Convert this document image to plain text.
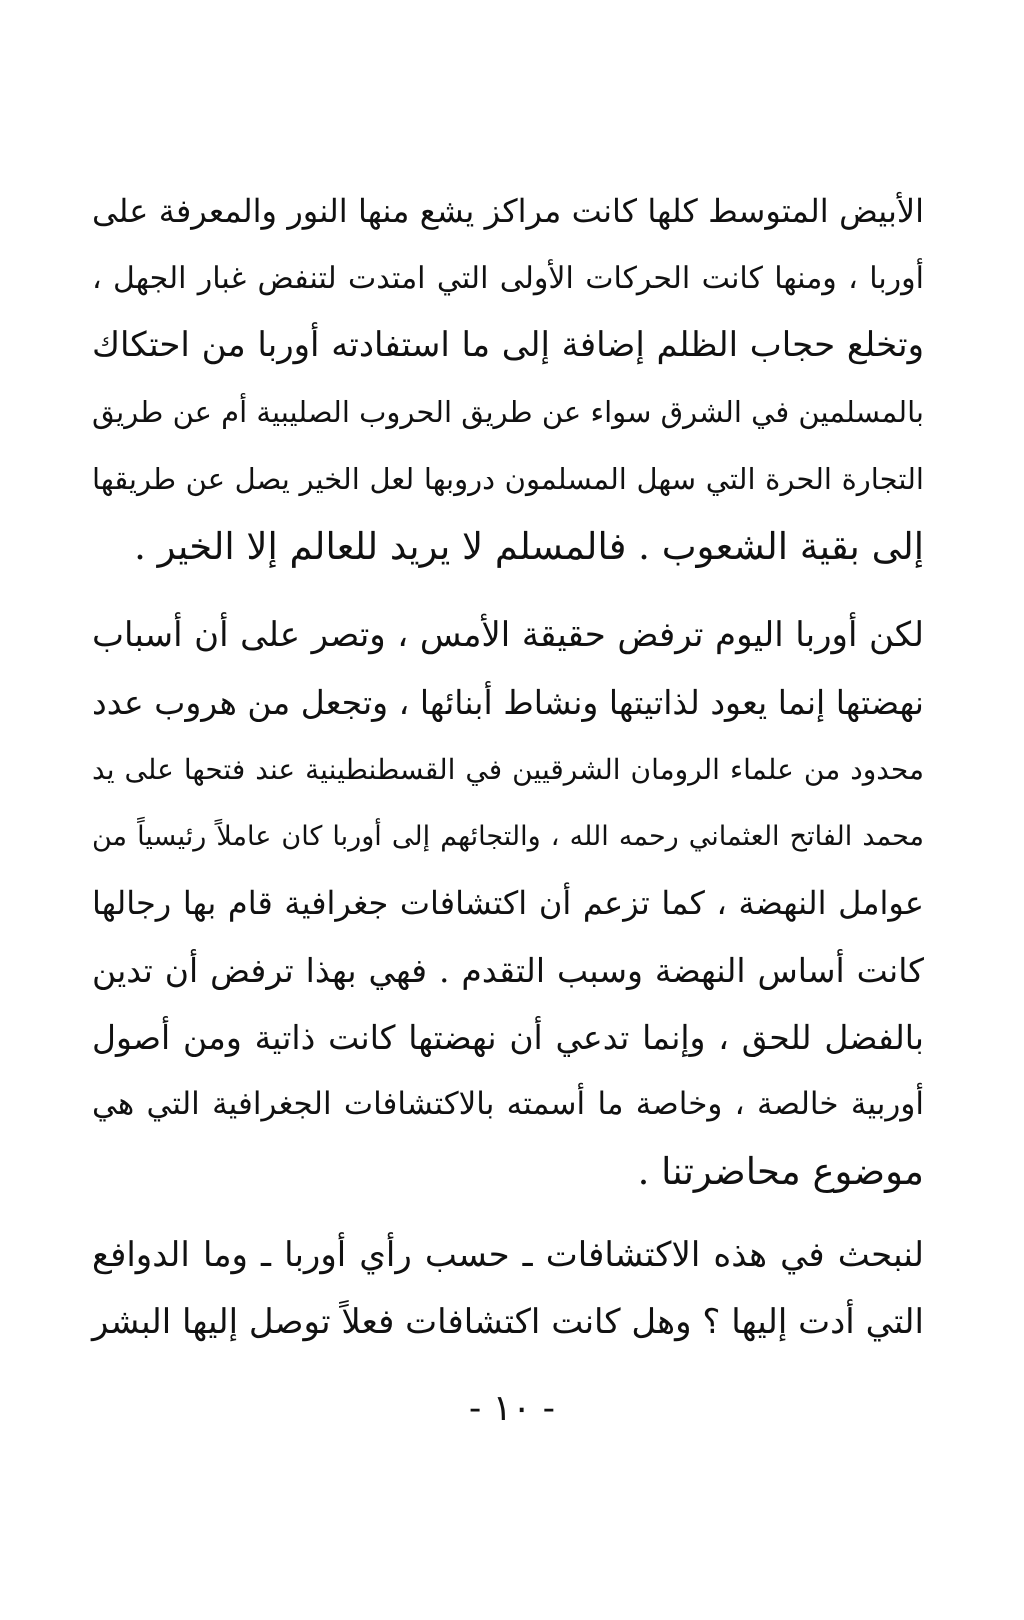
الأبيض المتوسط كلها كانت مراكز يشع منها النور والمعرفة على
أوربا ، ومنها كانت الحركات الأولى التي امتدت لتنفض غبار الجهل ،
وتخلع حجاب الظلم إضافة إلى ما استفادته أوربا من احتكاك
بالمسلمين في الشرق سواء عن طريق الحروب الصليبية أم عن طريق
التجارة الحرة التي سهل المسلمون دروبها لعل الخير يصل عن طريقها
إلى بقية الشعوب . فالمسلم لا يريد للعالم إلا الخير .
لكن أوربا اليوم ترفض حقيقة الأمس ، وتصر على أن أسباب
نهضتها إنما يعود لذاتيتها ونشاط أبنائها ، وتجعل من هروب عدد
محدود من علماء الرومان الشرقيين في القسطنطينية عند فتحها على يد
محمد الفاتح العثماني رحمه الله ، والتجائهم إلى أوربا كان عاملاً رئيسياً من
عوامل النهضة ، كما تزعم أن اكتشافات جغرافية قام بها رجالها
كانت أساس النهضة وسبب التقدم . فهي بهذا ترفض أن تدين
بالفضل للحق ، وإنما تدعي أن نهضتها كانت ذاتية ومن أصول
أوربية خالصة ، وخاصة ما أسمته بالاكتشافات الجغرافية التي هي
موضوع محاضرتنا .
لنبحث في هذه الاكتشافات ـ حسب رأي أوربا ـ وما الدوافع
التي أدت إليها ؟ وهل كانت اكتشافات فعلاً توصل إليها البشر
- ١٠ -
